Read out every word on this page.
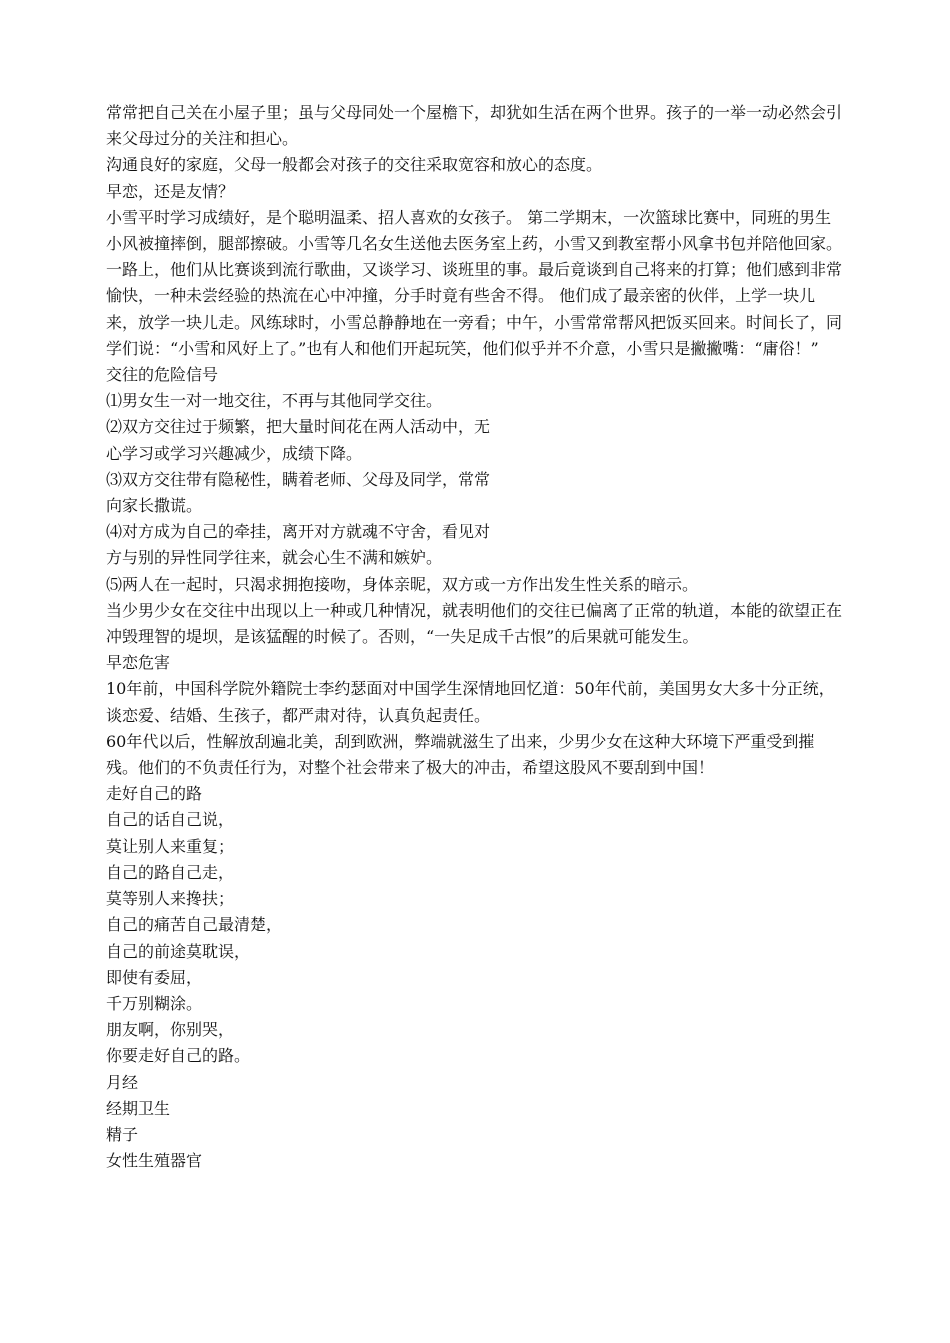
常常把自己关在小屋子里；虽与父母同处一个屋檐下，却犹如生活在两个世界。孩子的一举一动必然会引来父母过分的关注和担心。

沟通良好的家庭，父母一般都会对孩子的交往采取宽容和放心的态度。

早恋，还是友情？

小雪平时学习成绩好，是个聪明温柔、招人喜欢的女孩子。 第二学期末，一次篮球比赛中，同班的男生小风被撞摔倒，腿部擦破。小雪等几名女生送他去医务室上药，小雪又到教室帮小风拿书包并陪他回家。一路上，他们从比赛谈到流行歌曲，又谈学习、谈班里的事。最后竟谈到自己将来的打算；他们感到非常愉快，一种未尝经验的热流在心中冲撞，分手时竟有些舍不得。 他们成了最亲密的伙伴，上学一块儿来，放学一块儿走。风练球时，小雪总静静地在一旁看；中午，小雪常常帮风把饭买回来。时间长了，同学们说：“小雪和风好上了。”也有人和他们开起玩笑，他们似乎并不介意，小雪只是撇撇嘴：“庸俗！”

交往的危险信号

⑴男女生一对一地交往，不再与其他同学交往。

⑵双方交往过于频繁，把大量时间花在两人活动中，无

心学习或学习兴趣减少，成绩下降。

⑶双方交往带有隐秘性，瞒着老师、父母及同学，常常

向家长撒谎。

⑷对方成为自己的牵挂，离开对方就魂不守舍，看见对

方与别的异性同学往来，就会心生不满和嫉妒。

⑸两人在一起时，只渴求拥抱接吻，身体亲昵，双方或一方作出发生性关系的暗示。

当少男少女在交往中出现以上一种或几种情况，就表明他们的交往已偏离了正常的轨道，本能的欲望正在冲毁理智的堤坝，是该猛醒的时候了。否则，“一失足成千古恨”的后果就可能发生。

早恋危害

10年前，中国科学院外籍院士李约瑟面对中国学生深情地回忆道：50年代前，美国男女大多十分正统，谈恋爱、结婚、生孩子，都严肃对待，认真负起责任。

60年代以后，性解放刮遍北美，刮到欧洲，弊端就滋生了出来，少男少女在这种大环境下严重受到摧残。他们的不负责任行为，对整个社会带来了极大的冲击，希望这股风不要刮到中国！

走好自己的路

自己的话自己说，

莫让别人来重复；

自己的路自己走，

莫等别人来搀扶；

自己的痛苦自己最清楚，

自己的前途莫耽误，

即使有委屈，

千万别糊涂。

朋友啊，你别哭，

你要走好自己的路。

月经

经期卫生

精子

女性生殖器官
